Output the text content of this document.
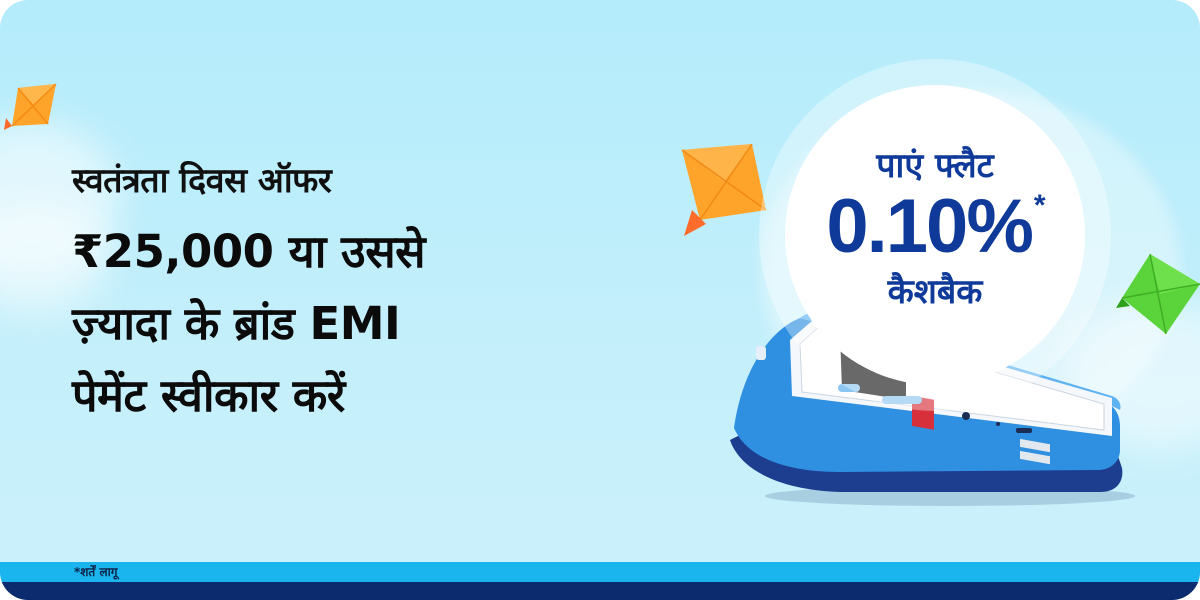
स्वतंत्रता दिवस ऑफर
₹25,000 या उससे
ज़्यादा के ब्रांड EMI
पेमेंट स्वीकार करें
पाएं फ्लैट
0.10%*
कैशबैक
*शर्तें लागू
